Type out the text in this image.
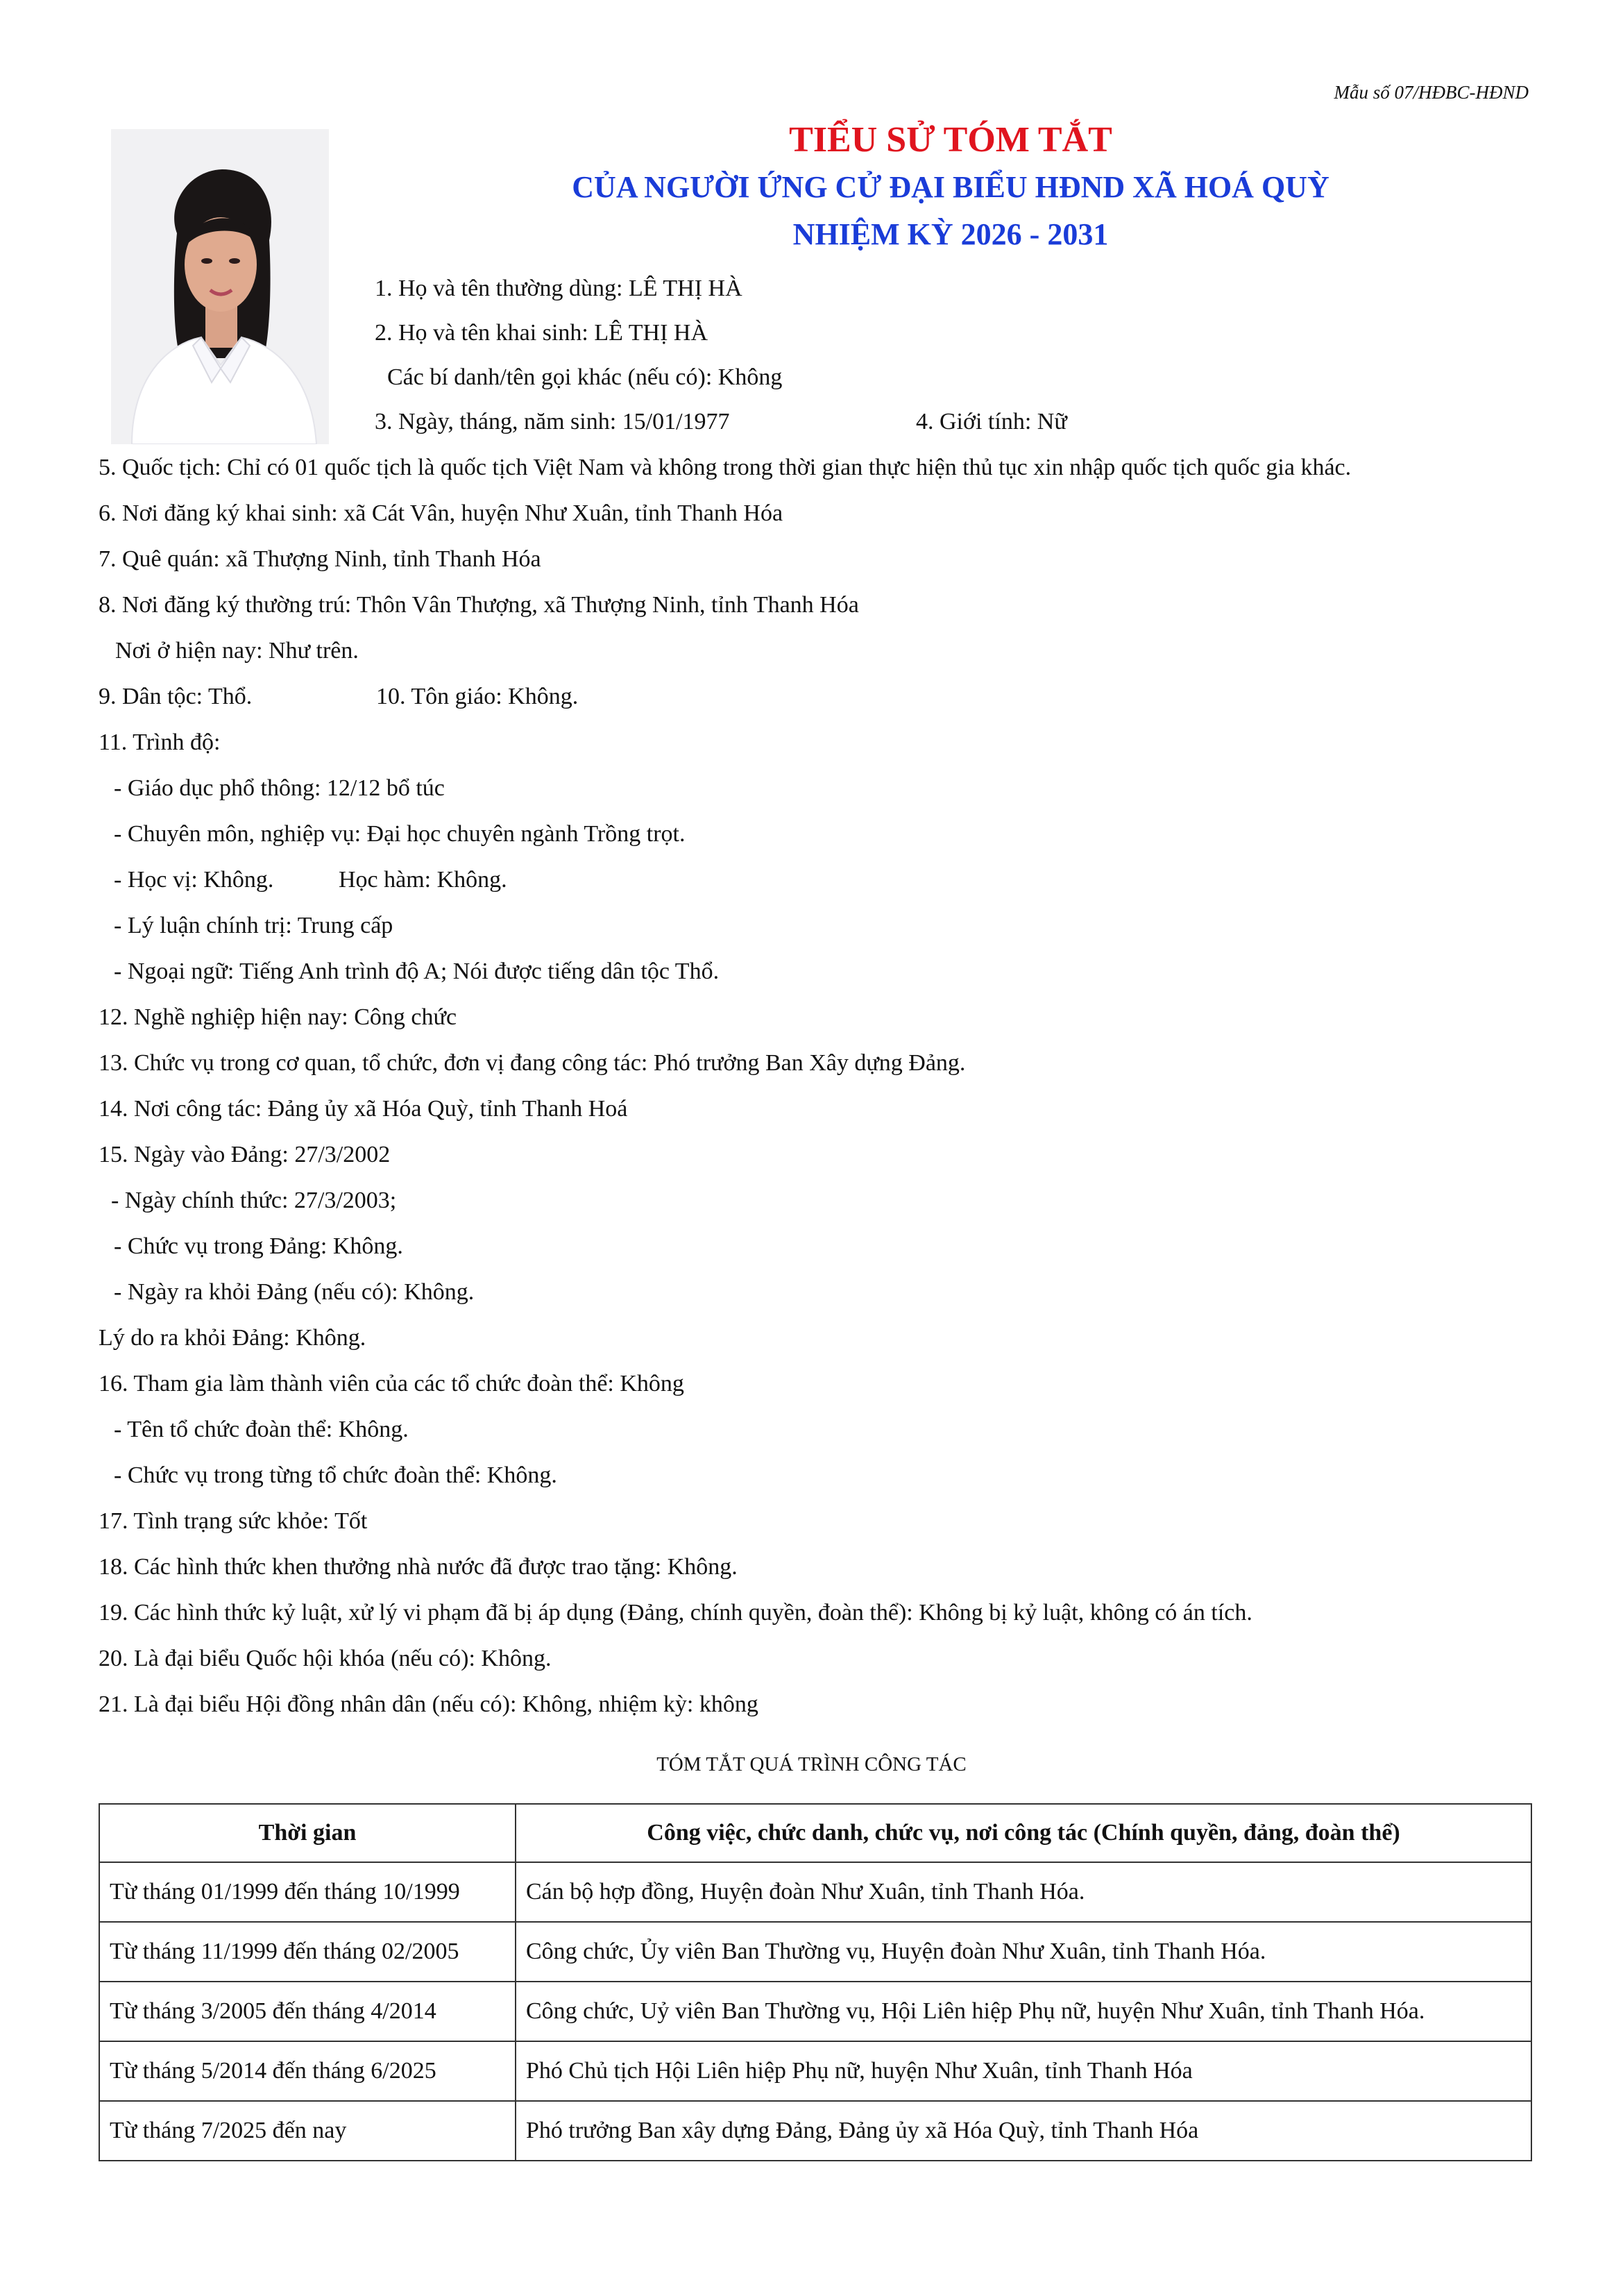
Mẫu số 07/HĐBC-HĐND
TIỂU SỬ TÓM TẮT
CỦA NGƯỜI ỨNG CỬ ĐẠI BIỂU HĐND XÃ HOÁ QUỲ
NHIỆM KỲ 2026 - 2031
1. Họ và tên thường dùng: LÊ THỊ HÀ
2. Họ và tên khai sinh: LÊ THỊ HÀ
Các bí danh/tên gọi khác (nếu có): Không
3. Ngày, tháng, năm sinh: 15/01/1977	4. Giới tính: Nữ
5. Quốc tịch: Chỉ có 01 quốc tịch là quốc tịch Việt Nam và không trong thời gian thực hiện thủ tục xin nhập quốc tịch quốc gia khác.
6. Nơi đăng ký khai sinh: xã Cát Vân, huyện Như Xuân, tỉnh Thanh Hóa
7. Quê quán: xã Thượng Ninh, tỉnh Thanh Hóa
8. Nơi đăng ký thường trú: Thôn Vân Thượng, xã Thượng Ninh, tỉnh Thanh Hóa
Nơi ở hiện nay: Như trên.
9. Dân tộc: Thổ.	10. Tôn giáo: Không.
11. Trình độ:
- Giáo dục phổ thông: 12/12 bổ túc
- Chuyên môn, nghiệp vụ: Đại học chuyên ngành Trồng trọt.
- Học vị: Không.	Học hàm: Không.
- Lý luận chính trị: Trung cấp
- Ngoại ngữ: Tiếng Anh trình độ A; Nói được tiếng dân tộc Thổ.
12. Nghề nghiệp hiện nay: Công chức
13. Chức vụ trong cơ quan, tổ chức, đơn vị đang công tác: Phó trưởng Ban Xây dựng Đảng.
14. Nơi công tác: Đảng ủy xã Hóa Quỳ, tỉnh Thanh Hoá
15. Ngày vào Đảng: 27/3/2002
- Ngày chính thức: 27/3/2003;
- Chức vụ trong Đảng: Không.
- Ngày ra khỏi Đảng (nếu có): Không.
Lý do ra khỏi Đảng: Không.
16. Tham gia làm thành viên của các tổ chức đoàn thể: Không
- Tên tổ chức đoàn thể: Không.
- Chức vụ trong từng tổ chức đoàn thể: Không.
17. Tình trạng sức khỏe: Tốt
18. Các hình thức khen thưởng nhà nước đã được trao tặng: Không.
19. Các hình thức kỷ luật, xử lý vi phạm đã bị áp dụng (Đảng, chính quyền, đoàn thể): Không bị kỷ luật, không có án tích.
20. Là đại biểu Quốc hội khóa (nếu có): Không.
21. Là đại biểu Hội đồng nhân dân (nếu có): Không, nhiệm kỳ: không
TÓM TẮT QUÁ TRÌNH CÔNG TÁC
Thời gian	Công việc, chức danh, chức vụ, nơi công tác (Chính quyền, đảng, đoàn thể)
Từ tháng 01/1999 đến tháng 10/1999	Cán bộ hợp đồng, Huyện đoàn Như Xuân, tỉnh Thanh Hóa.
Từ tháng 11/1999 đến tháng 02/2005	Công chức, Ủy viên Ban Thường vụ, Huyện đoàn Như Xuân, tỉnh Thanh Hóa.
Từ tháng 3/2005 đến tháng 4/2014	Công chức, Uỷ viên Ban Thường vụ, Hội Liên hiệp Phụ nữ, huyện Như Xuân, tỉnh Thanh Hóa.
Từ tháng 5/2014 đến tháng 6/2025	Phó Chủ tịch Hội Liên hiệp Phụ nữ, huyện Như Xuân, tỉnh Thanh Hóa
Từ tháng 7/2025 đến nay	Phó trưởng Ban xây dựng Đảng, Đảng ủy xã Hóa Quỳ, tỉnh Thanh Hóa
